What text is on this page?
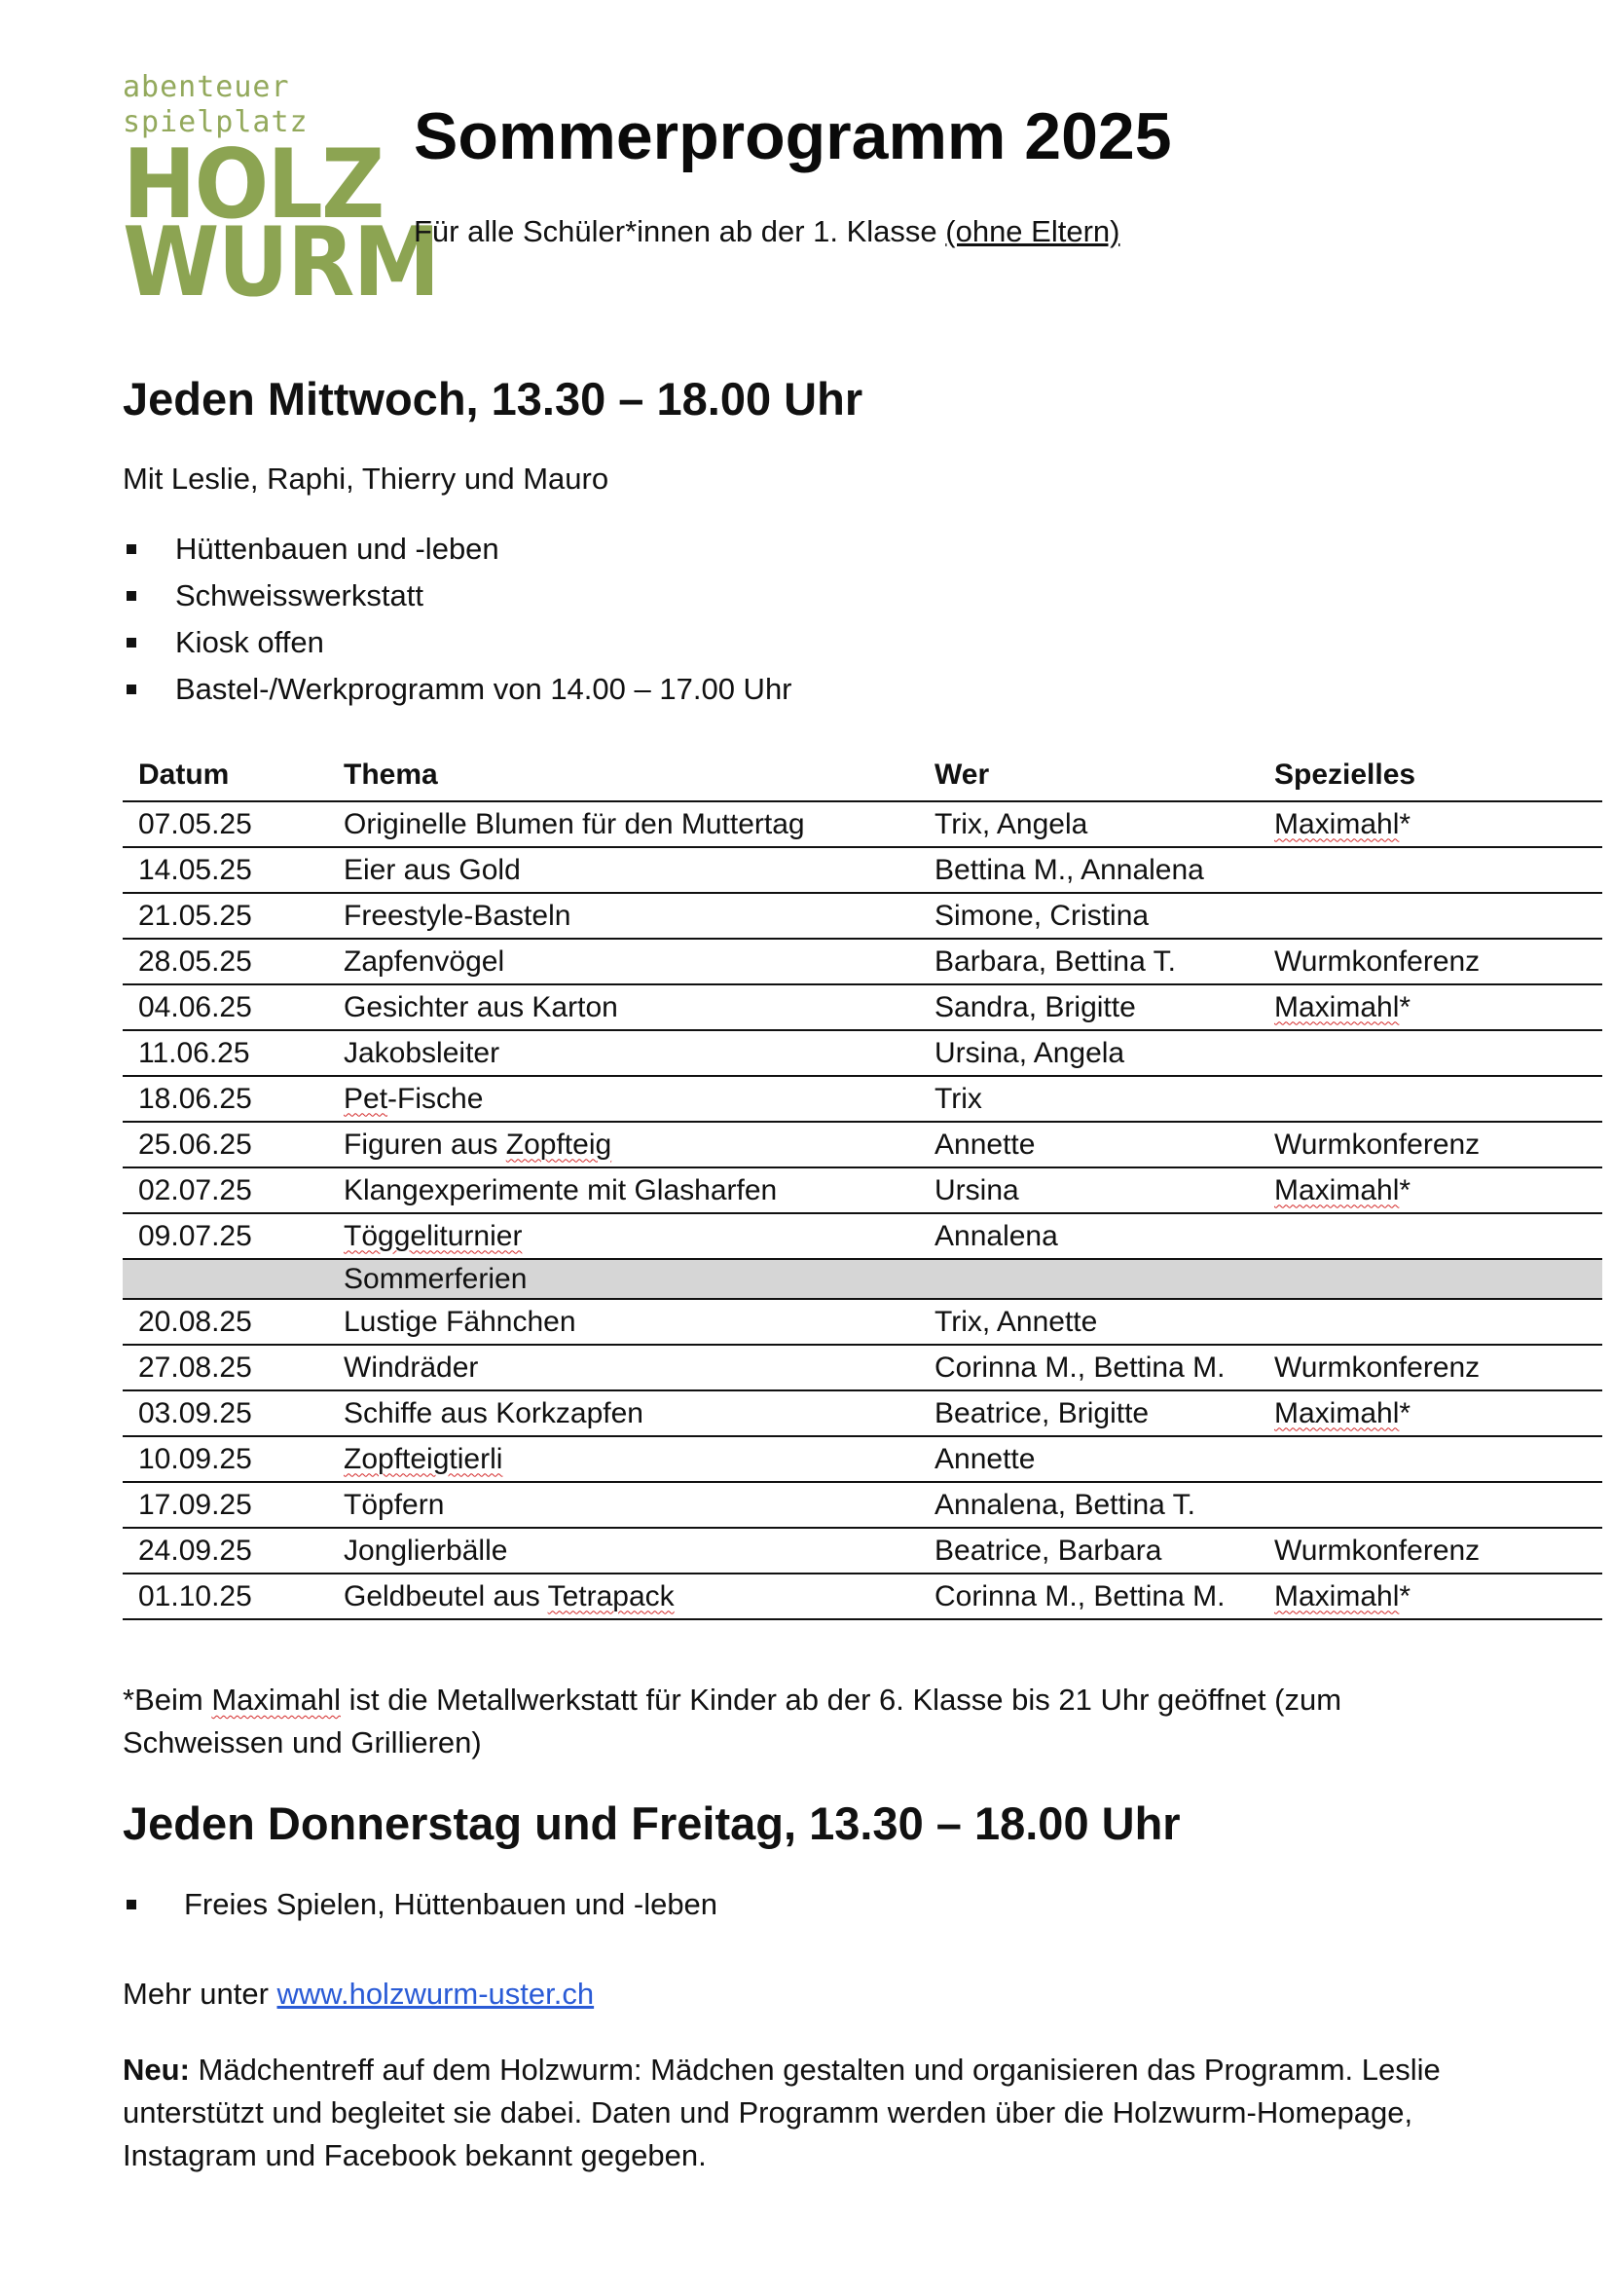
abenteuer
spielplatz
HOLZ
WURM
Sommerprogramm 2025
Für alle Schüler*innen ab der 1. Klasse (ohne Eltern)
Jeden Mittwoch, 13.30 – 18.00 Uhr
Mit Leslie, Raphi, Thierry und Mauro
Hüttenbauen und -leben
Schweisswerkstatt
Kiosk offen
Bastel-/Werkprogramm von 14.00 – 17.00 Uhr
Datum	Thema	Wer	Spezielles
07.05.25	Originelle Blumen für den Muttertag	Trix, Angela	Maximahl*
14.05.25	Eier aus Gold	Bettina M., Annalena	
21.05.25	Freestyle-Basteln	Simone, Cristina	
28.05.25	Zapfenvögel	Barbara, Bettina T.	Wurmkonferenz
04.06.25	Gesichter aus Karton	Sandra, Brigitte	Maximahl*
11.06.25	Jakobsleiter	Ursina, Angela	
18.06.25	Pet-Fische	Trix	
25.06.25	Figuren aus Zopfteig	Annette	Wurmkonferenz
02.07.25	Klangexperimente mit Glasharfen	Ursina	Maximahl*
09.07.25	Töggeliturnier	Annalena	
	Sommerferien		
20.08.25	Lustige Fähnchen	Trix, Annette	
27.08.25	Windräder	Corinna M., Bettina M.	Wurmkonferenz
03.09.25	Schiffe aus Korkzapfen	Beatrice, Brigitte	Maximahl*
10.09.25	Zopfteigtierli	Annette	
17.09.25	Töpfern	Annalena, Bettina T.	
24.09.25	Jonglierbälle	Beatrice, Barbara	Wurmkonferenz
01.10.25	Geldbeutel aus Tetrapack	Corinna M., Bettina M.	Maximahl*
*Beim Maximahl ist die Metallwerkstatt für Kinder ab der 6. Klasse bis 21 Uhr geöffnet (zum Schweissen und Grillieren)
Jeden Donnerstag und Freitag, 13.30 – 18.00 Uhr
Freies Spielen, Hüttenbauen und -leben
Mehr unter www.holzwurm-uster.ch
Neu: Mädchentreff auf dem Holzwurm: Mädchen gestalten und organisieren das Programm. Leslie unterstützt und begleitet sie dabei. Daten und Programm werden über die Holzwurm-Homepage, Instagram und Facebook bekannt gegeben.
